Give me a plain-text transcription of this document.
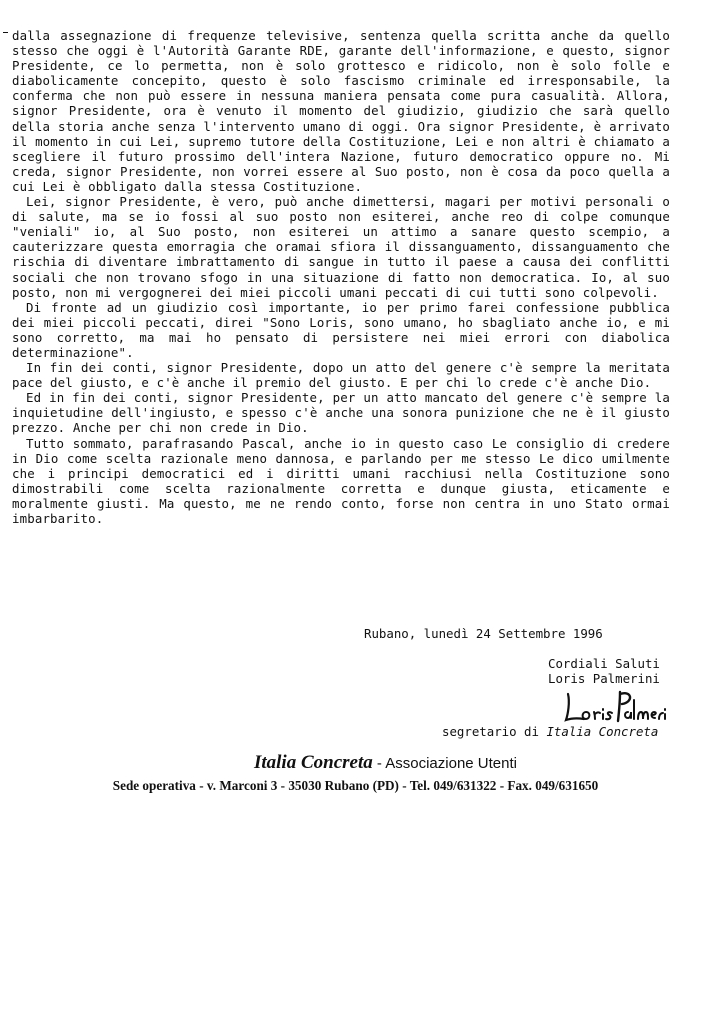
dalla assegnazione di frequenze televisive, sentenza quella scritta anche da quello stesso che oggi è l'Autorità Garante RDE, garante dell'informazione, e questo, signor Presidente, ce lo permetta, non è solo grottesco e ridicolo, non è solo folle e diabolicamente concepito, questo è solo fascismo criminale ed irresponsabile, la conferma che non può essere in nessuna maniera pensata come pura casualità. Allora, signor Presidente, ora è venuto il momento del giudizio, giudizio che sarà quello della storia anche senza l'intervento umano di oggi. Ora signor Presidente, è arrivato il momento in cui Lei, supremo tutore della Costituzione, Lei e non altri è chiamato a scegliere il futuro prossimo dell'intera Nazione, futuro democratico oppure no. Mi creda, signor Presidente, non vorrei essere al Suo posto, non è cosa da poco quella a cui Lei è obbligato dalla stessa Costituzione.

Lei, signor Presidente, è vero, può anche dimettersi, magari per motivi personali o di salute, ma se io fossi al suo posto non esiterei, anche reo di colpe comunque "veniali" io, al Suo posto, non esiterei un attimo a sanare questo scempio, a cauterizzare questa emorragia che oramai sfiora il dissanguamento, dissanguamento che rischia di diventare imbrattamento di sangue in tutto il paese a causa dei conflitti sociali che non trovano sfogo in una situazione di fatto non democratica. Io, al suo posto, non mi vergognerei dei miei piccoli umani peccati di cui tutti sono colpevoli.

Di fronte ad un giudizio così importante, io per primo farei confessione pubblica dei miei piccoli peccati, direi "Sono Loris, sono umano, ho sbagliato anche io, e mi sono corretto, ma mai ho pensato di persistere nei miei errori con diabolica determinazione".

In fin dei conti, signor Presidente, dopo un atto del genere c'è sempre la meritata pace del giusto, e c'è anche il premio del giusto. E per chi lo crede c'è anche Dio.

Ed in fin dei conti, signor Presidente, per un atto mancato del genere c'è sempre la inquietudine dell'ingiusto, e spesso c'è anche una sonora punizione che ne è il giusto prezzo. Anche per chi non crede in Dio.

Tutto sommato, parafrasando Pascal, anche io in questo caso Le consiglio di credere in Dio come scelta razionale meno dannosa, e parlando per me stesso Le dico umilmente che i principi democratici ed i diritti umani racchiusi nella Costituzione sono dimostrabili come scelta razionalmente corretta e dunque giusta, eticamente e moralmente giusti. Ma questo, me ne rendo conto, forse non centra in uno Stato ormai imbarbarito.

Rubano, lunedì 24 Settembre 1996
Cordiali Saluti
Loris Palmerini
segretario di Italia Concreta
Italia Concreta - Associazione Utenti
Sede operativa - v. Marconi 3 - 35030 Rubano (PD) - Tel. 049/631322 - Fax. 049/631650
